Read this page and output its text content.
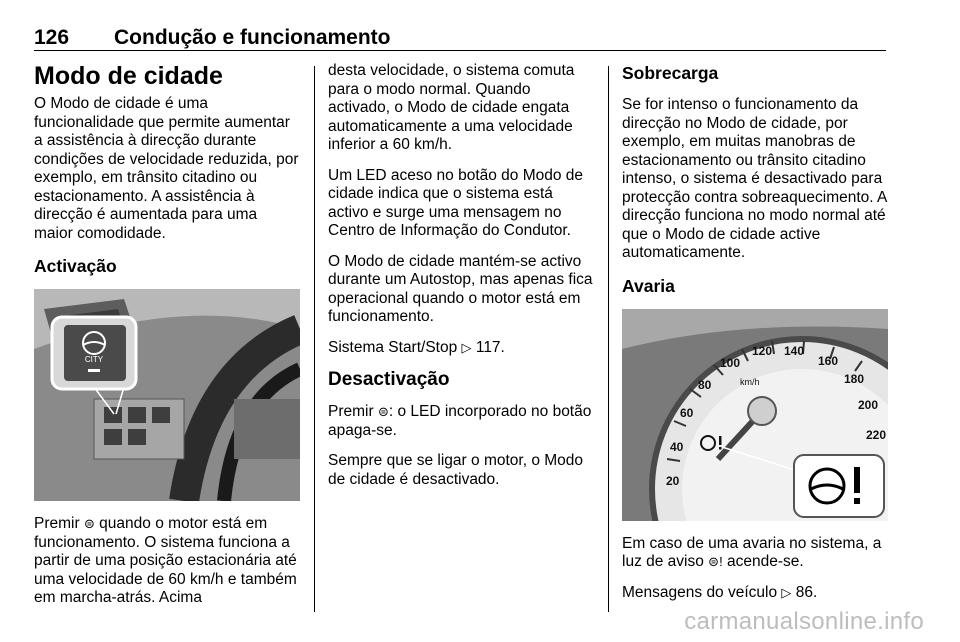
126 Condução e funcionamento
Modo de cidade

O Modo de cidade é uma funcionalidade que permite aumentar a assistência à direcção durante condições de velocidade reduzida, por exemplo, em trânsito citadino ou estacionamento. A assistência à direcção é aumentada para uma maior comodidade.

Activação
CITY

Premir ⊜ quando o motor está em funcionamento. O sistema funciona a partir de uma posição estacionária até uma velocidade de 60 km/h e também em marcha-atrás. Acima

desta velocidade, o sistema comuta para o modo normal. Quando activado, o Modo de cidade engata automaticamente a uma velocidade inferior a 60 km/h.

Um LED aceso no botão do Modo de cidade indica que o sistema está activo e surge uma mensagem no Centro de Informação do Condutor.

O Modo de cidade mantém-se activo durante um Autostop, mas apenas fica operacional quando o motor está em funcionamento.

Sistema Start/Stop ▷ 117.

Desactivação

Premir ⊜: o LED incorporado no botão apaga-se.

Sempre que se ligar o motor, o Modo de cidade é desactivado.

Sobrecarga

Se for intenso o funcionamento da direcção no Modo de cidade, por exemplo, em muitas manobras de estacionamento ou trânsito citadino intenso, o sistema é desactivado para protecção contra sobreaquecimento. A direcção funciona no modo normal até que o Modo de cidade active automaticamente.

Avaria
20
40
60
80
100
120 140
160
180
200
220
km/h

Em caso de uma avaria no sistema, a luz de aviso ⊜! acende-se.

Mensagens do veículo ▷ 86.

carmanualsonline.info
